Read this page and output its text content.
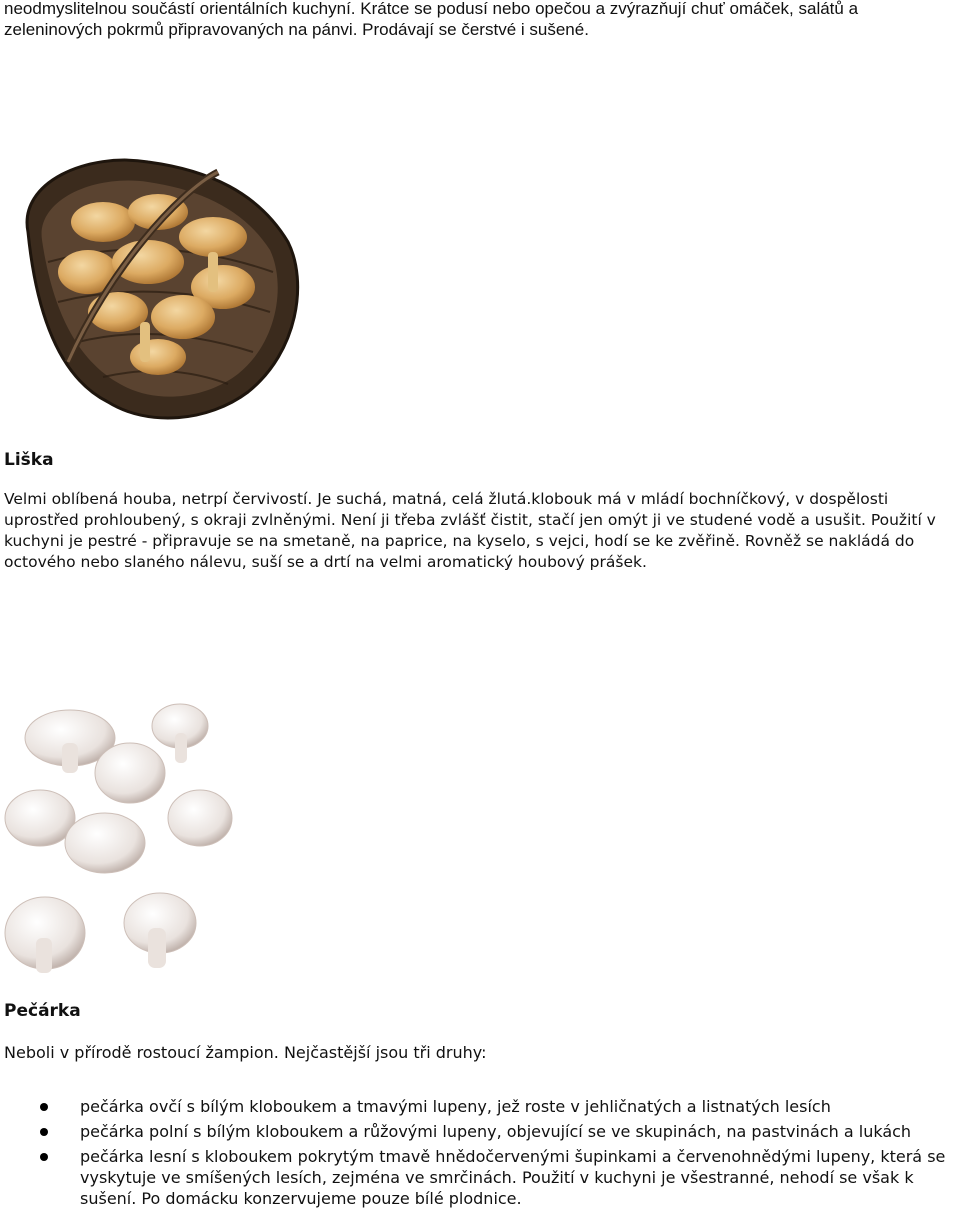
neodmyslitelnou součástí orientálních kuchyní. Krátce se podusí nebo opečou a zvýrazňují chuť omáček, salátů a zeleninových pokrmů připravovaných na pánvi. Prodávají se čerstvé i sušené.

Liška

Velmi oblíbená houba, netrpí červivostí. Je suchá, matná, celá žlutá.klobouk má v mládí bochníčkový, v dospělosti uprostřed prohloubený, s okraji zvlněnými. Není ji třeba zvlášť čistit, stačí jen omýt ji ve studené vodě a usušit. Použití v kuchyni je pestré - připravuje se na smetaně, na paprice, na kyselo, s vejci, hodí se ke zvěřině. Rovněž se nakládá do octového nebo slaného nálevu, suší se a drtí na velmi aromatický houbový prášek.

Pečárka

Neboli v přírodě rostoucí žampion. Nejčastější jsou tři druhy:

pečárka ovčí s bílým kloboukem a tmavými lupeny, jež roste v jehličnatých a listnatých lesích
pečárka polní s bílým kloboukem a růžovými lupeny, objevující se ve skupinách, na pastvinách a lukách
pečárka lesní s kloboukem pokrytým tmavě hnědočervenými šupinkami a červenohnědými lupeny, která se vyskytuje ve smíšených lesích, zejména ve smrčinách. Použití v kuchyni je všestranné, nehodí se však k sušení. Po domácku konzervujeme pouze bílé plodnice.
